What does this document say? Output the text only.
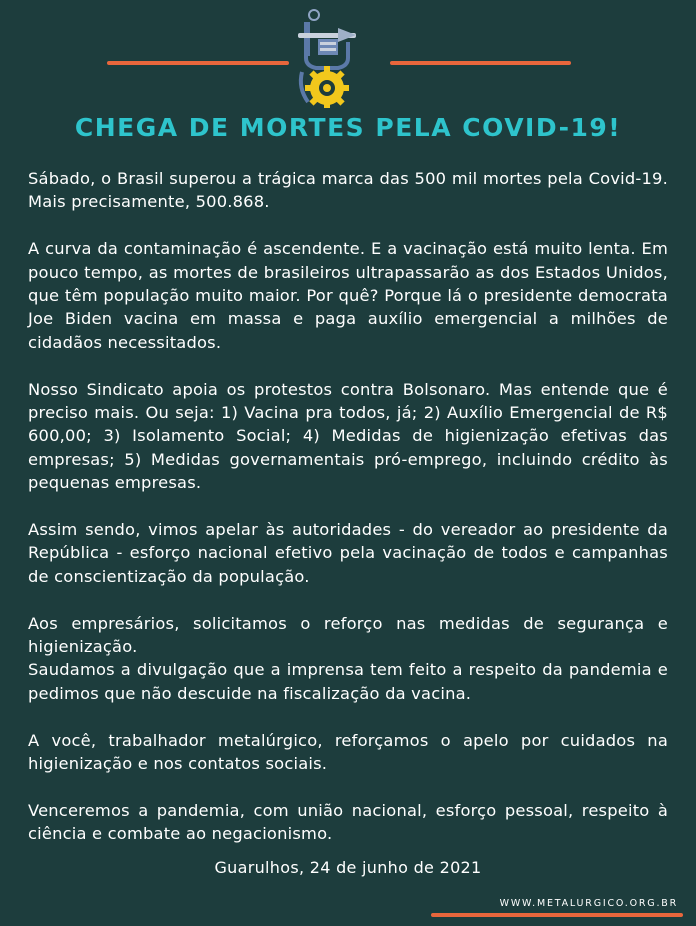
CHEGA DE MORTES PELA COVID-19!

Sábado, o Brasil superou a trágica marca das 500 mil mortes pela Covid-19. Mais precisamente, 500.868.

A curva da contaminação é ascendente. E a vacinação está muito lenta. Em pouco tempo, as mortes de brasileiros ultrapassarão as dos Estados Unidos, que têm população muito maior. Por quê? Porque lá o presidente democrata Joe Biden vacina em massa e paga auxílio emergencial a milhões de cidadãos necessitados.

Nosso Sindicato apoia os protestos contra Bolsonaro. Mas entende que é preciso mais. Ou seja: 1) Vacina pra todos, já; 2) Auxílio Emergencial de R$ 600,00; 3) Isolamento Social; 4) Medidas de higienização efetivas das empresas; 5) Medidas governamentais pró-emprego, incluindo crédito às pequenas empresas.

Assim sendo, vimos apelar às autoridades - do vereador ao presidente da República - esforço nacional efetivo pela vacinação de todos e campanhas de conscientização da população.

Aos empresários, solicitamos o reforço nas medidas de segurança e higienização.

Saudamos a divulgação que a imprensa tem feito a respeito da pandemia e pedimos que não descuide na fiscalização da vacina.

A você, trabalhador metalúrgico, reforçamos o apelo por cuidados na higienização e nos contatos sociais.

Venceremos a pandemia, com união nacional, esforço pessoal, respeito à ciência e combate ao negacionismo.

Guarulhos, 24 de junho de 2021
WWW.METALURGICO.ORG.BR
